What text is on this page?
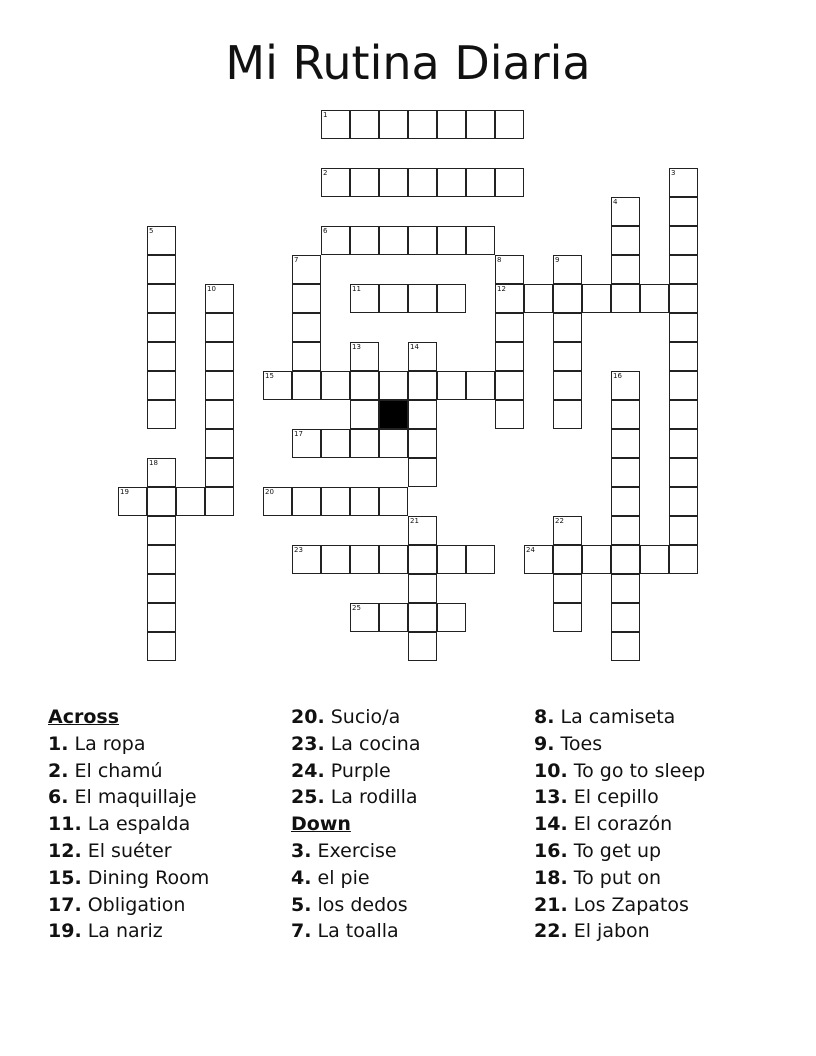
Mi Rutina Diaria
1
2	3
4
5	6
7	8
12
9
10	11
13	14
15	16
17
18
19	20
21	22
23	24
25
Across
1. La ropa
2. El chamú
6. El maquillaje
11. La espalda
12. El suéter
15. Dining Room
17. Obligation
19. La nariz
20. Sucio/a
23. La cocina
24. Purple
25. La rodilla
Down
3. Exercise
4. el pie
5. los dedos
7. La toalla
8. La camiseta
9. Toes
10. To go to sleep
13. El cepillo
14. El corazón
16. To get up
18. To put on
21. Los Zapatos
22. El jabon
